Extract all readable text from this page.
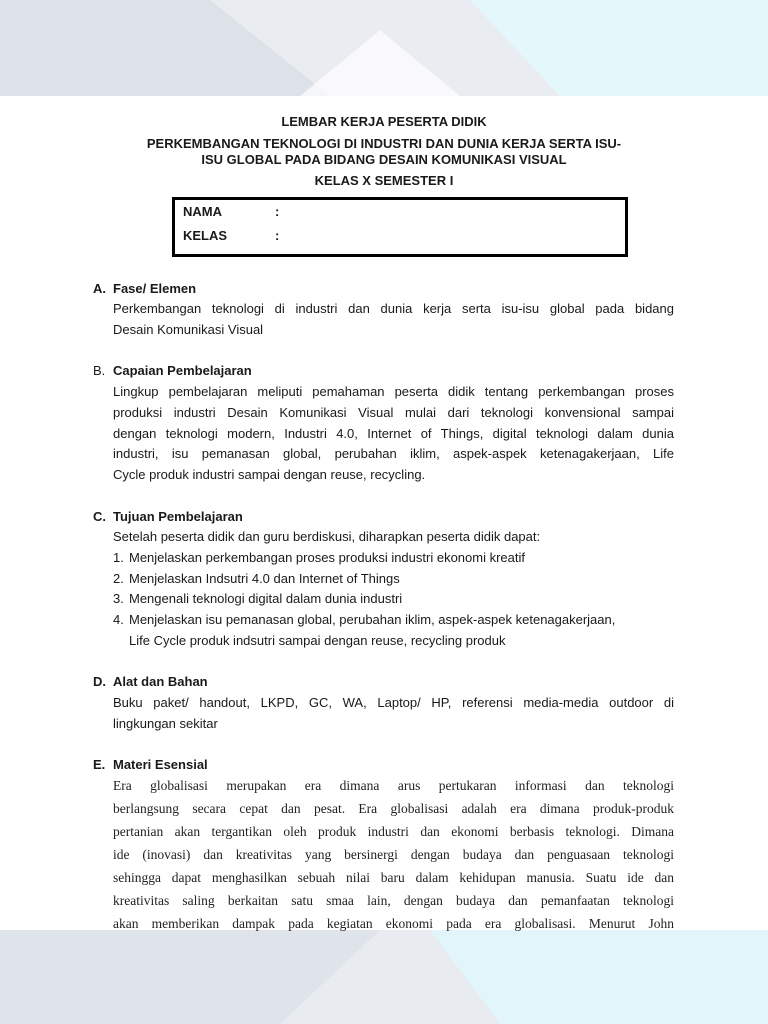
LEMBAR KERJA PESERTA DIDIK
PERKEMBANGAN TEKNOLOGI DI INDUSTRI DAN DUNIA KERJA SERTA ISU-
ISU GLOBAL PADA BIDANG DESAIN KOMUNIKASI VISUAL
KELAS X SEMESTER I
NAMA	:
KELAS	:
A. Fase/ Elemen
Perkembangan teknologi di industri dan dunia kerja serta isu-isu global pada bidang
Desain Komunikasi Visual
B. Capaian Pembelajaran
Lingkup pembelajaran meliputi pemahaman peserta didik tentang perkembangan proses
produksi industri Desain Komunikasi Visual mulai dari teknologi konvensional sampai
dengan teknologi modern, Industri 4.0, Internet of Things, digital teknologi dalam dunia
industri, isu pemanasan global, perubahan iklim, aspek-aspek ketenagakerjaan, Life
Cycle produk industri sampai dengan reuse, recycling.
C. Tujuan Pembelajaran
Setelah peserta didik dan guru berdiskusi, diharapkan peserta didik dapat:
1. Menjelaskan perkembangan proses produksi industri ekonomi kreatif
2. Menjelaskan Indsutri 4.0 dan Internet of Things
3. Mengenali teknologi digital dalam dunia industri
4. Menjelaskan isu pemanasan global, perubahan iklim, aspek-aspek ketenagakerjaan,
Life Cycle produk indsutri sampai dengan reuse, recycling produk
D. Alat dan Bahan
Buku paket/ handout, LKPD, GC, WA, Laptop/ HP, referensi media-media outdoor di
lingkungan sekitar
E. Materi Esensial
Era globalisasi merupakan era dimana arus pertukaran informasi dan teknologi
berlangsung secara cepat dan pesat. Era globalisasi adalah era dimana produk-produk
pertanian akan tergantikan oleh produk industri dan ekonomi berbasis teknologi. Dimana
ide (inovasi) dan kreativitas yang bersinergi dengan budaya dan penguasaan teknologi
sehingga dapat menghasilkan sebuah nilai baru dalam kehidupan manusia. Suatu ide dan
kreativitas saling berkaitan satu smaa lain, dengan budaya dan pemanfaatan teknologi
akan memberikan dampak pada kegiatan ekonomi pada era globalisasi. Menurut John
